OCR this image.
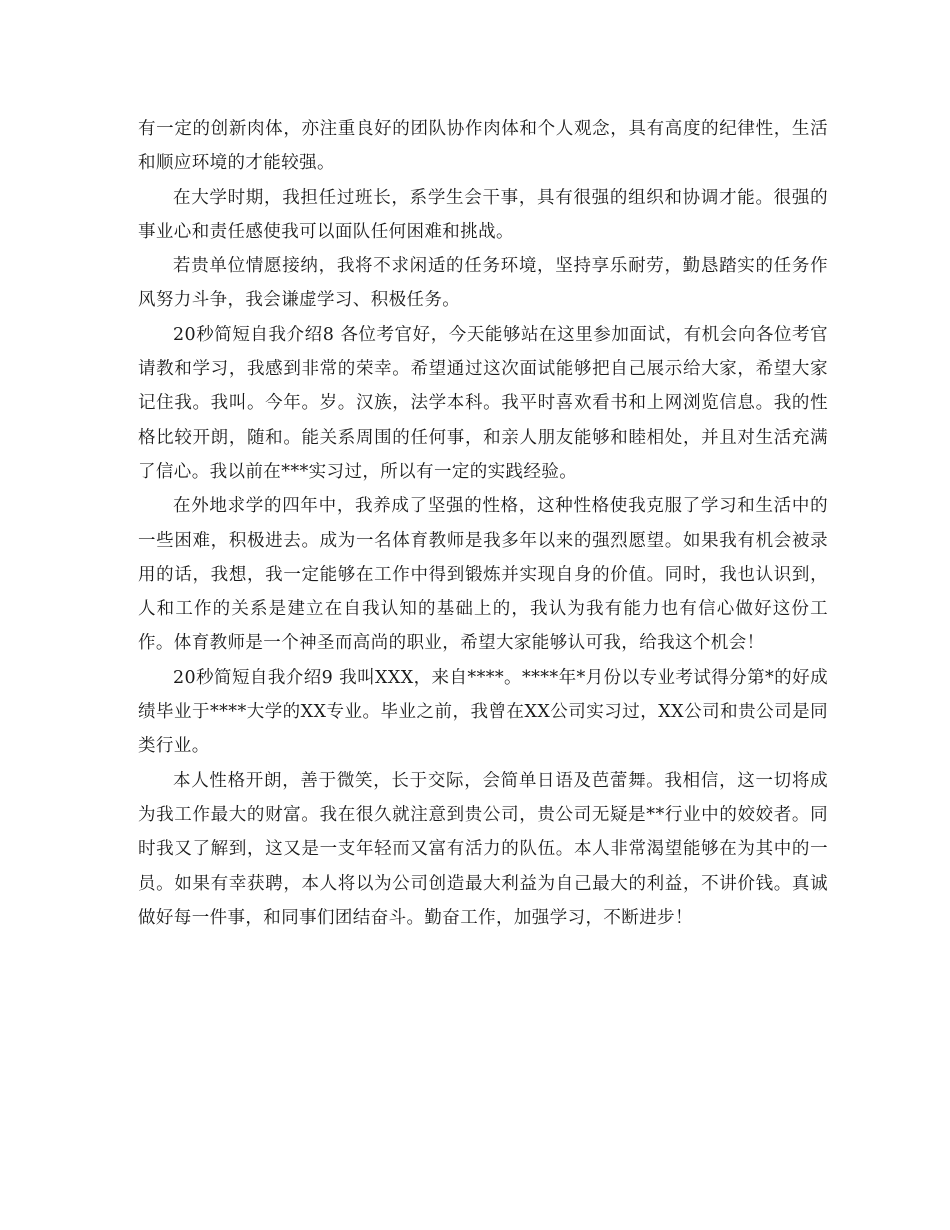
有一定的创新肉体，亦注重良好的团队协作肉体和个人观念，具有高度的纪律性，生活和顺应环境的才能较强。

在大学时期，我担任过班长，系学生会干事，具有很强的组织和协调才能。很强的事业心和责任感使我可以面队任何困难和挑战。

若贵单位情愿接纳，我将不求闲适的任务环境，坚持享乐耐劳，勤恳踏实的任务作风努力斗争，我会谦虚学习、积极任务。

20秒简短自我介绍8 各位考官好，今天能够站在这里参加面试，有机会向各位考官请教和学习，我感到非常的荣幸。希望通过这次面试能够把自己展示给大家，希望大家记住我。我叫。今年。岁。汉族，法学本科。我平时喜欢看书和上网浏览信息。我的性格比较开朗，随和。能关系周围的任何事，和亲人朋友能够和睦相处，并且对生活充满了信心。我以前在***实习过，所以有一定的实践经验。

在外地求学的四年中，我养成了坚强的性格，这种性格使我克服了学习和生活中的一些困难，积极进去。成为一名体育教师是我多年以来的强烈愿望。如果我有机会被录用的话，我想，我一定能够在工作中得到锻炼并实现自身的价值。同时，我也认识到，人和工作的关系是建立在自我认知的基础上的，我认为我有能力也有信心做好这份工作。体育教师是一个神圣而高尚的职业，希望大家能够认可我，给我这个机会！

20秒简短自我介绍9 我叫XXX，来自****。****年*月份以专业考试得分第*的好成绩毕业于****大学的XX专业。毕业之前，我曾在XX公司实习过，XX公司和贵公司是同类行业。

本人性格开朗，善于微笑，长于交际，会简单日语及芭蕾舞。我相信，这一切将成为我工作最大的财富。我在很久就注意到贵公司，贵公司无疑是**行业中的姣姣者。同时我又了解到，这又是一支年轻而又富有活力的队伍。本人非常渴望能够在为其中的一员。如果有幸获聘，本人将以为公司创造最大利益为自己最大的利益，不讲价钱。真诚做好每一件事，和同事们团结奋斗。勤奋工作，加强学习，不断进步！
